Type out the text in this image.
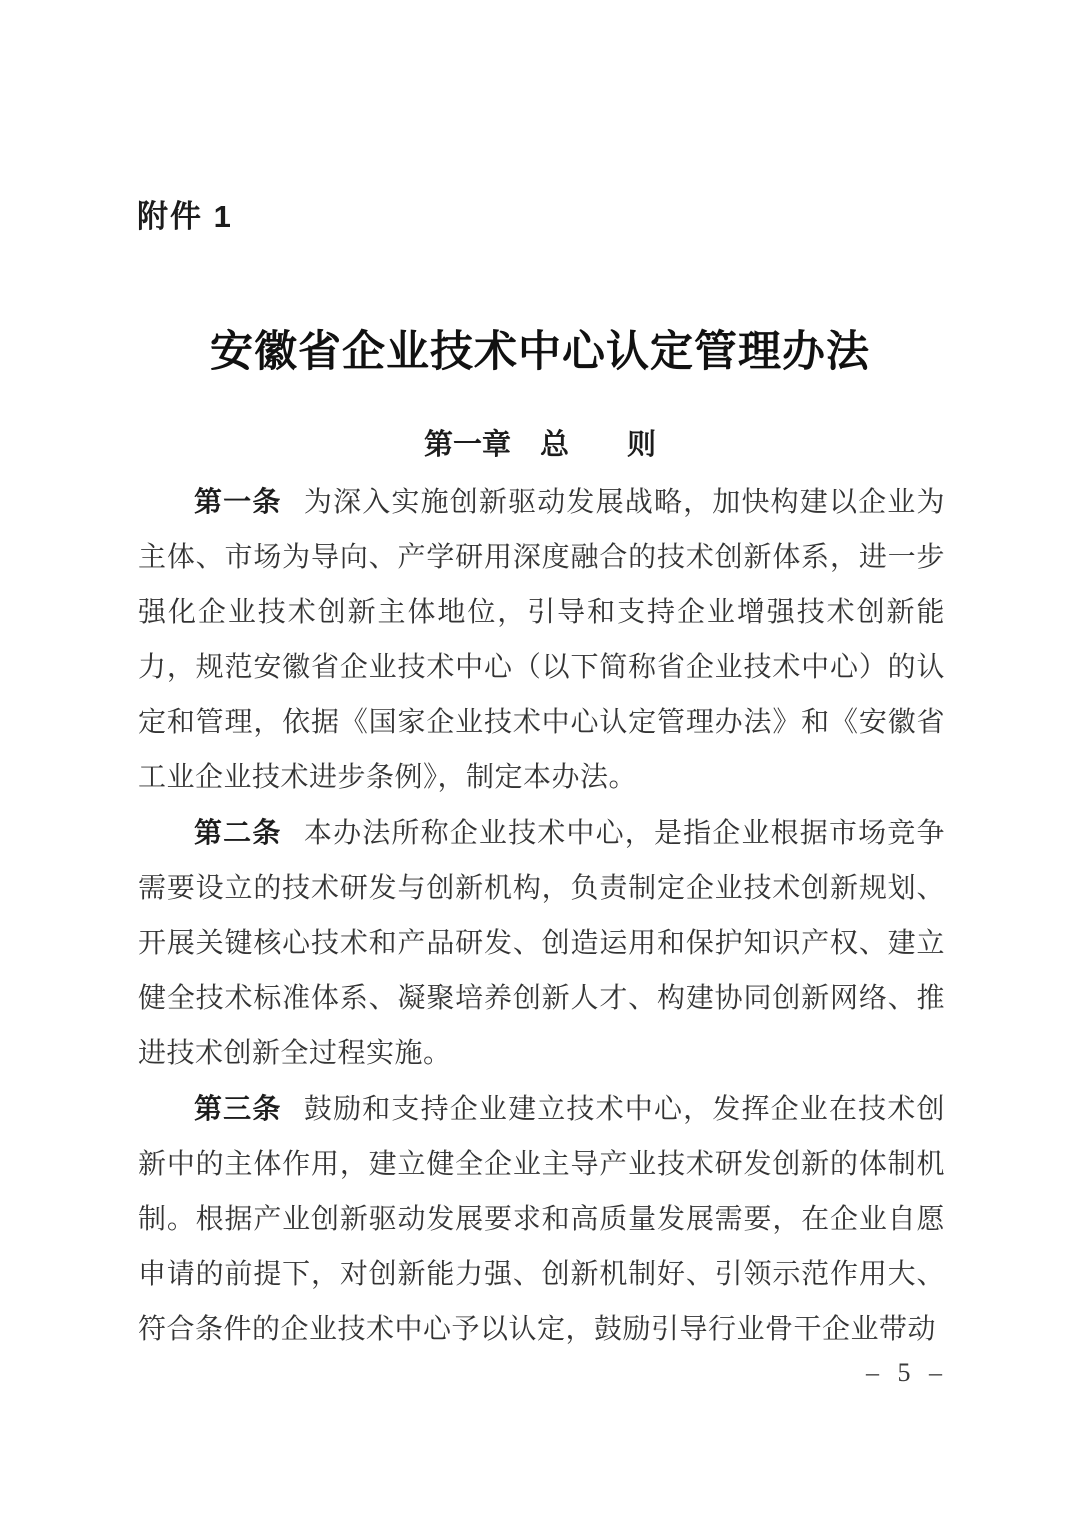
附件 1
安徽省企业技术中心认定管理办法
第一章　总　　则

第一条 为深入实施创新驱动发展战略，加快构建以企业为主体、市场为导向、产学研用深度融合的技术创新体系，进一步强化企业技术创新主体地位，引导和支持企业增强技术创新能力，规范安徽省企业技术中心（以下简称省企业技术中心）的认定和管理，依据《国家企业技术中心认定管理办法》和《安徽省工业企业技术进步条例》，制定本办法。

第二条 本办法所称企业技术中心，是指企业根据市场竞争需要设立的技术研发与创新机构，负责制定企业技术创新规划、开展关键核心技术和产品研发、创造运用和保护知识产权、建立健全技术标准体系、凝聚培养创新人才、构建协同创新网络、推进技术创新全过程实施。

第三条 鼓励和支持企业建立技术中心，发挥企业在技术创新中的主体作用，建立健全企业主导产业技术研发创新的体制机制。根据产业创新驱动发展要求和高质量发展需要，在企业自愿申请的前提下，对创新能力强、创新机制好、引领示范作用大、符合条件的企业技术中心予以认定，鼓励引导行业骨干企业带动

– 5 –
